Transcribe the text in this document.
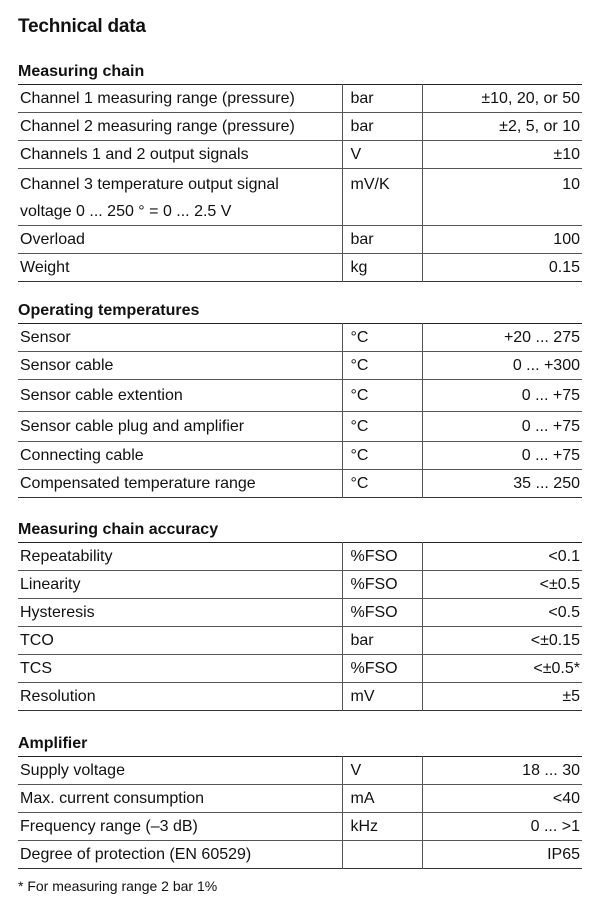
Technical data
Measuring chain
Channel 1 measuring range (pressure)	bar	±10, 20, or 50
Channel 2 measuring range (pressure)	bar	±2, 5, or 10
Channels 1 and 2 output signals	V	±10

Channel 3 temperature output signal
voltage 0 ... 250 ° = 0 ... 2.5 V	mV/K	10
Overload	bar	100
Weight	kg	0.15
Operating temperatures
Sensor	°C	+20 ... 275
Sensor cable	°C	0 ... +300
Sensor cable extention	°C	0 ... +75
Sensor cable plug and amplifier	°C	0 ... +75
Connecting cable	°C	0 ... +75
Compensated temperature range	°C	35 ... 250
Measuring chain accuracy
Repeatability	%FSO	<0.1
Linearity	%FSO	<±0.5
Hysteresis	%FSO	<0.5
TCO	bar	<±0.15
TCS	%FSO	<±0.5*
Resolution	mV	±5
Amplifier
Supply voltage	V	18 ... 30
Max. current consumption	mA	<40
Frequency range (–3 dB)	kHz	0 ... >1
Degree of protection (EN 60529)		IP65
* For measuring range 2 bar 1%
